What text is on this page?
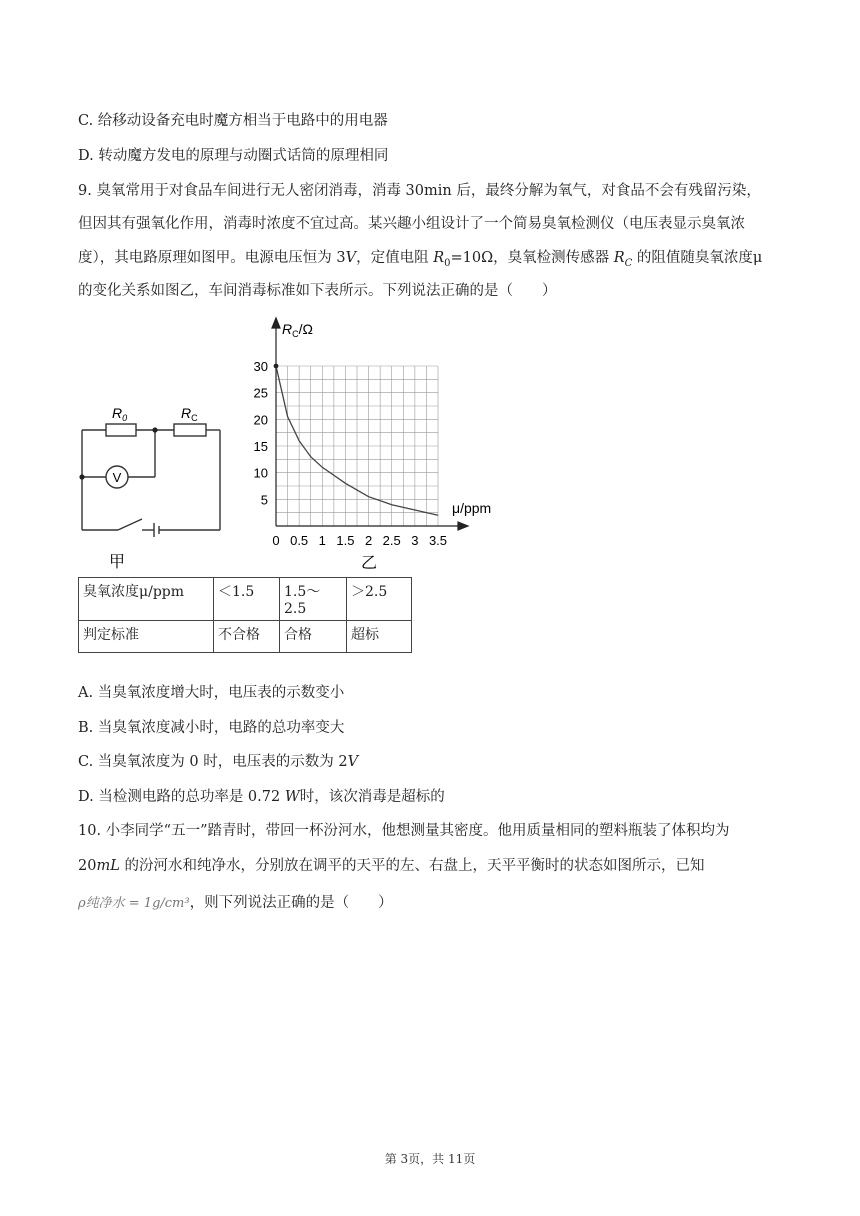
C. 给移动设备充电时魔方相当于电路中的用电器
D. 转动魔方发电的原理与动圈式话筒的原理相同
9. 臭氧常用于对食品车间进行无人密闭消毒，消毒 30min 后，最终分解为氧气，对食品不会有残留污染，
但因其有强氧化作用，消毒时浓度不宜过高。某兴趣小组设计了一个简易臭氧检测仪（电压表显示臭氧浓
度），其电路原理如图甲。电源电压恒为 3V，定值电阻 $R_0=10\Omega$，臭氧检测传感器 $R_C$ 的阻值随臭氧浓度μ
的变化关系如图乙，车间消毒标准如下表所示。下列说法正确的是（　　）
$R_0$	$R_C$
V
甲
30
25
20
15
10
5
0 0.5 1 1.5 2 2.5 3 3.5
$R_C/\Omega$
μ/ppm
乙
臭氧浓度μ/ppm	＜1.5	1.5～2.5	＞2.5
判定标准	不合格	合格	超标
A. 当臭氧浓度增大时，电压表的示数变小
B. 当臭氧浓度减小时，电路的总功率变大
C. 当臭氧浓度为 0 时，电压表的示数为 2V
D. 当检测电路的总功率是 0.72 W时，该次消毒是超标的
10. 小李同学“五一”踏青时，带回一杯汾河水，他想测量其密度。他用质量相同的塑料瓶装了体积均为
20mL 的汾河水和纯净水，分别放在调平的天平的左、右盘上，天平平衡时的状态如图所示，已知
ρ纯净水 = 1g/cm³，则下列说法正确的是（　　）
第 3页，共 11页
